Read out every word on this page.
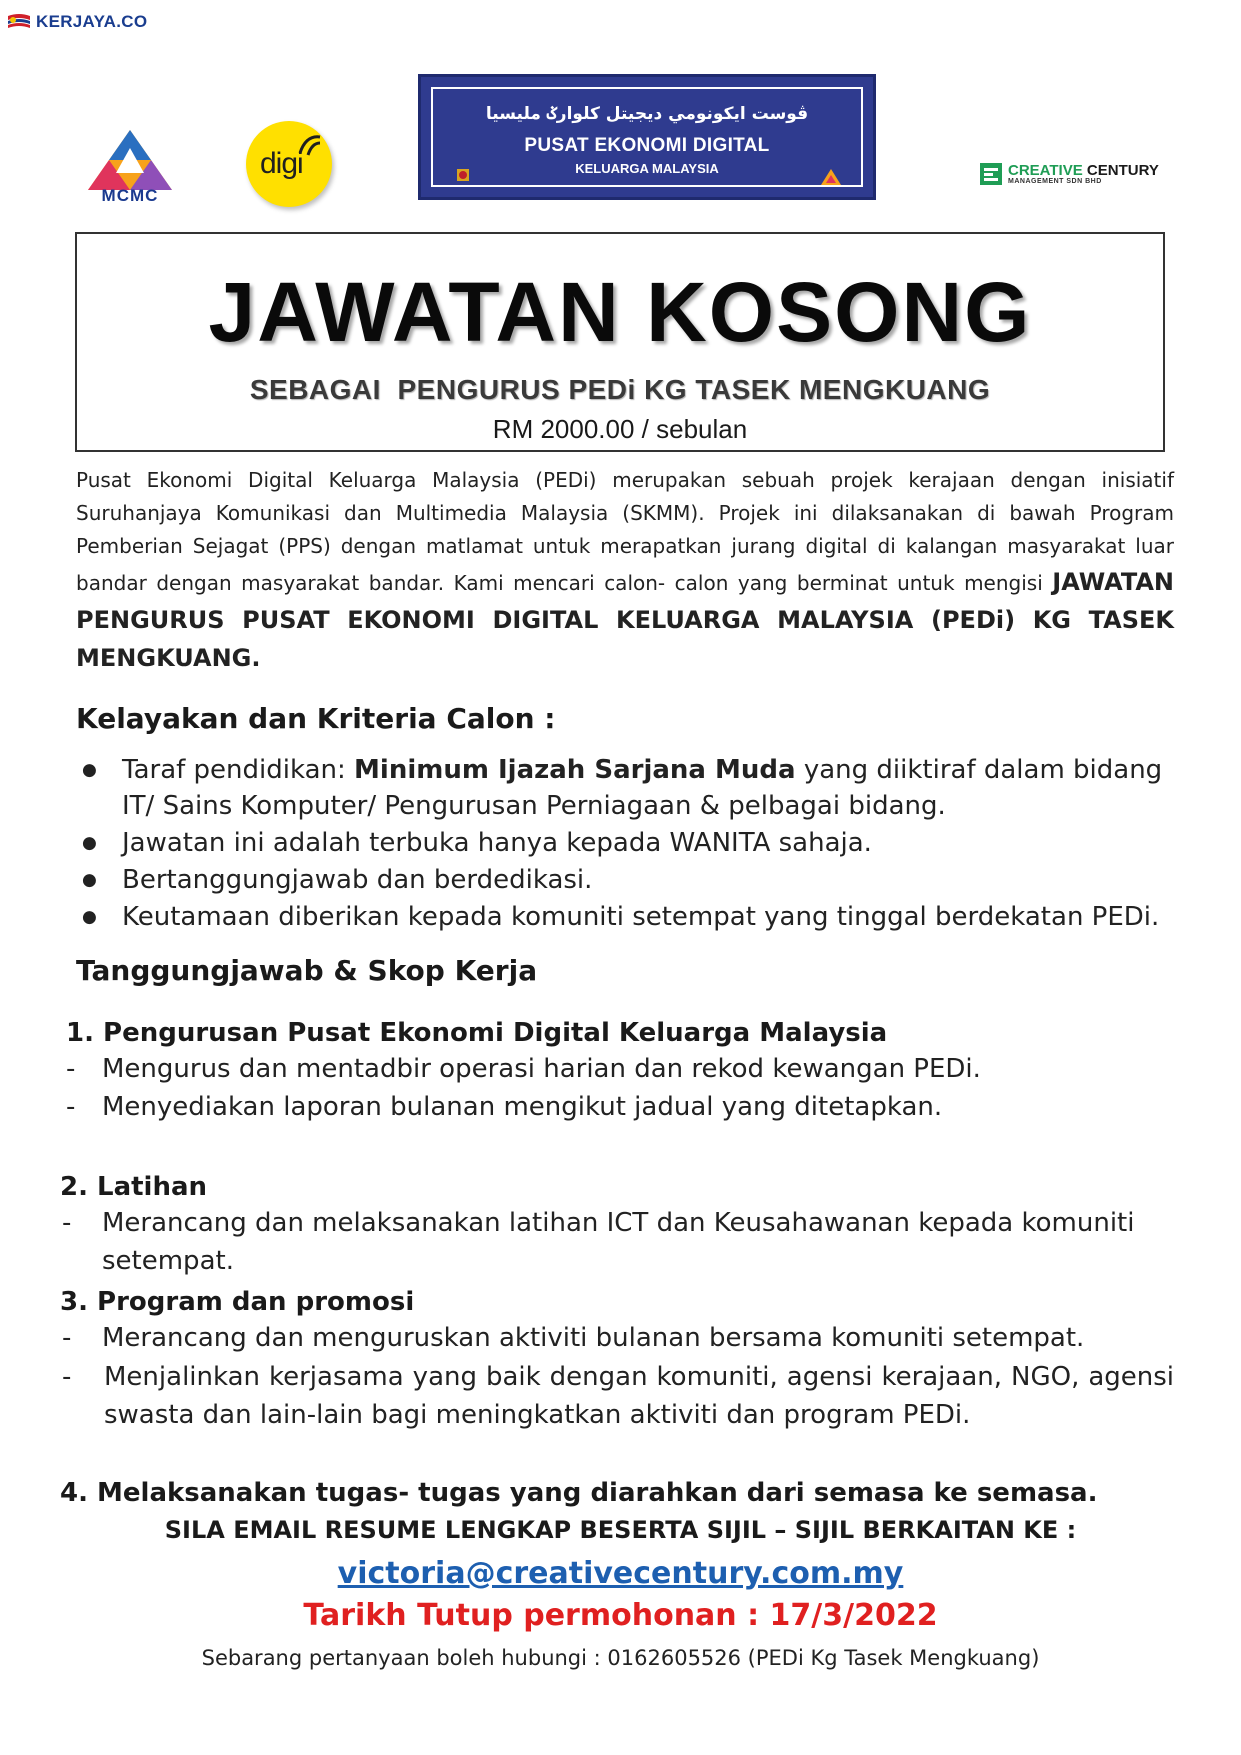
KERJAYA.CO
MCMC
digi
ڤوست ايکونومي ديجيتل کلوارݢ مليسيا
PUSAT EKONOMI DIGITAL
KELUARGA MALAYSIA	CREATIVE CENTURY
MANAGEMENT SDN BHD
JAWATAN KOSONG
SEBAGAI  PENGURUS PEDi KG TASEK MENGKUANG
RM 2000.00 / sebulan
Pusat Ekonomi Digital Keluarga Malaysia (PEDi) merupakan sebuah projek kerajaan dengan inisiatif Suruhanjaya Komunikasi dan Multimedia Malaysia (SKMM). Projek ini dilaksanakan di bawah Program Pemberian Sejagat (PPS) dengan matlamat untuk merapatkan jurang digital di kalangan masyarakat luar bandar dengan masyarakat bandar. Kami mencari calon- calon yang berminat untuk mengisi JAWATAN PENGURUS PUSAT EKONOMI DIGITAL KELUARGA MALAYSIA (PEDi) KG TASEK MENGKUANG.
Kelayakan dan Kriteria Calon :
● Taraf pendidikan: Minimum Ijazah Sarjana Muda yang diiktiraf dalam bidang IT/ Sains Komputer/ Pengurusan Perniagaan & pelbagai bidang.
● Jawatan ini adalah terbuka hanya kepada WANITA sahaja.
● Bertanggungjawab dan berdedikasi.
● Keutamaan diberikan kepada komuniti setempat yang tinggal berdekatan PEDi.
Tanggungjawab & Skop Kerja
1. Pengurusan Pusat Ekonomi Digital Keluarga Malaysia
- Mengurus dan mentadbir operasi harian dan rekod kewangan PEDi.
- Menyediakan laporan bulanan mengikut jadual yang ditetapkan.
2. Latihan
- Merancang dan melaksanakan latihan ICT dan Keusahawanan kepada komuniti setempat.
3. Program dan promosi
- Merancang dan menguruskan aktiviti bulanan bersama komuniti setempat.
- Menjalinkan kerjasama yang baik dengan komuniti, agensi kerajaan, NGO, agensi swasta dan lain-lain bagi meningkatkan aktiviti dan program PEDi.
4. Melaksanakan tugas- tugas yang diarahkan dari semasa ke semasa.
SILA EMAIL RESUME LENGKAP BESERTA SIJIL – SIJIL BERKAITAN KE :
victoria@creativecentury.com.my
Tarikh Tutup permohonan : 17/3/2022
Sebarang pertanyaan boleh hubungi : 0162605526 (PEDi Kg Tasek Mengkuang)
